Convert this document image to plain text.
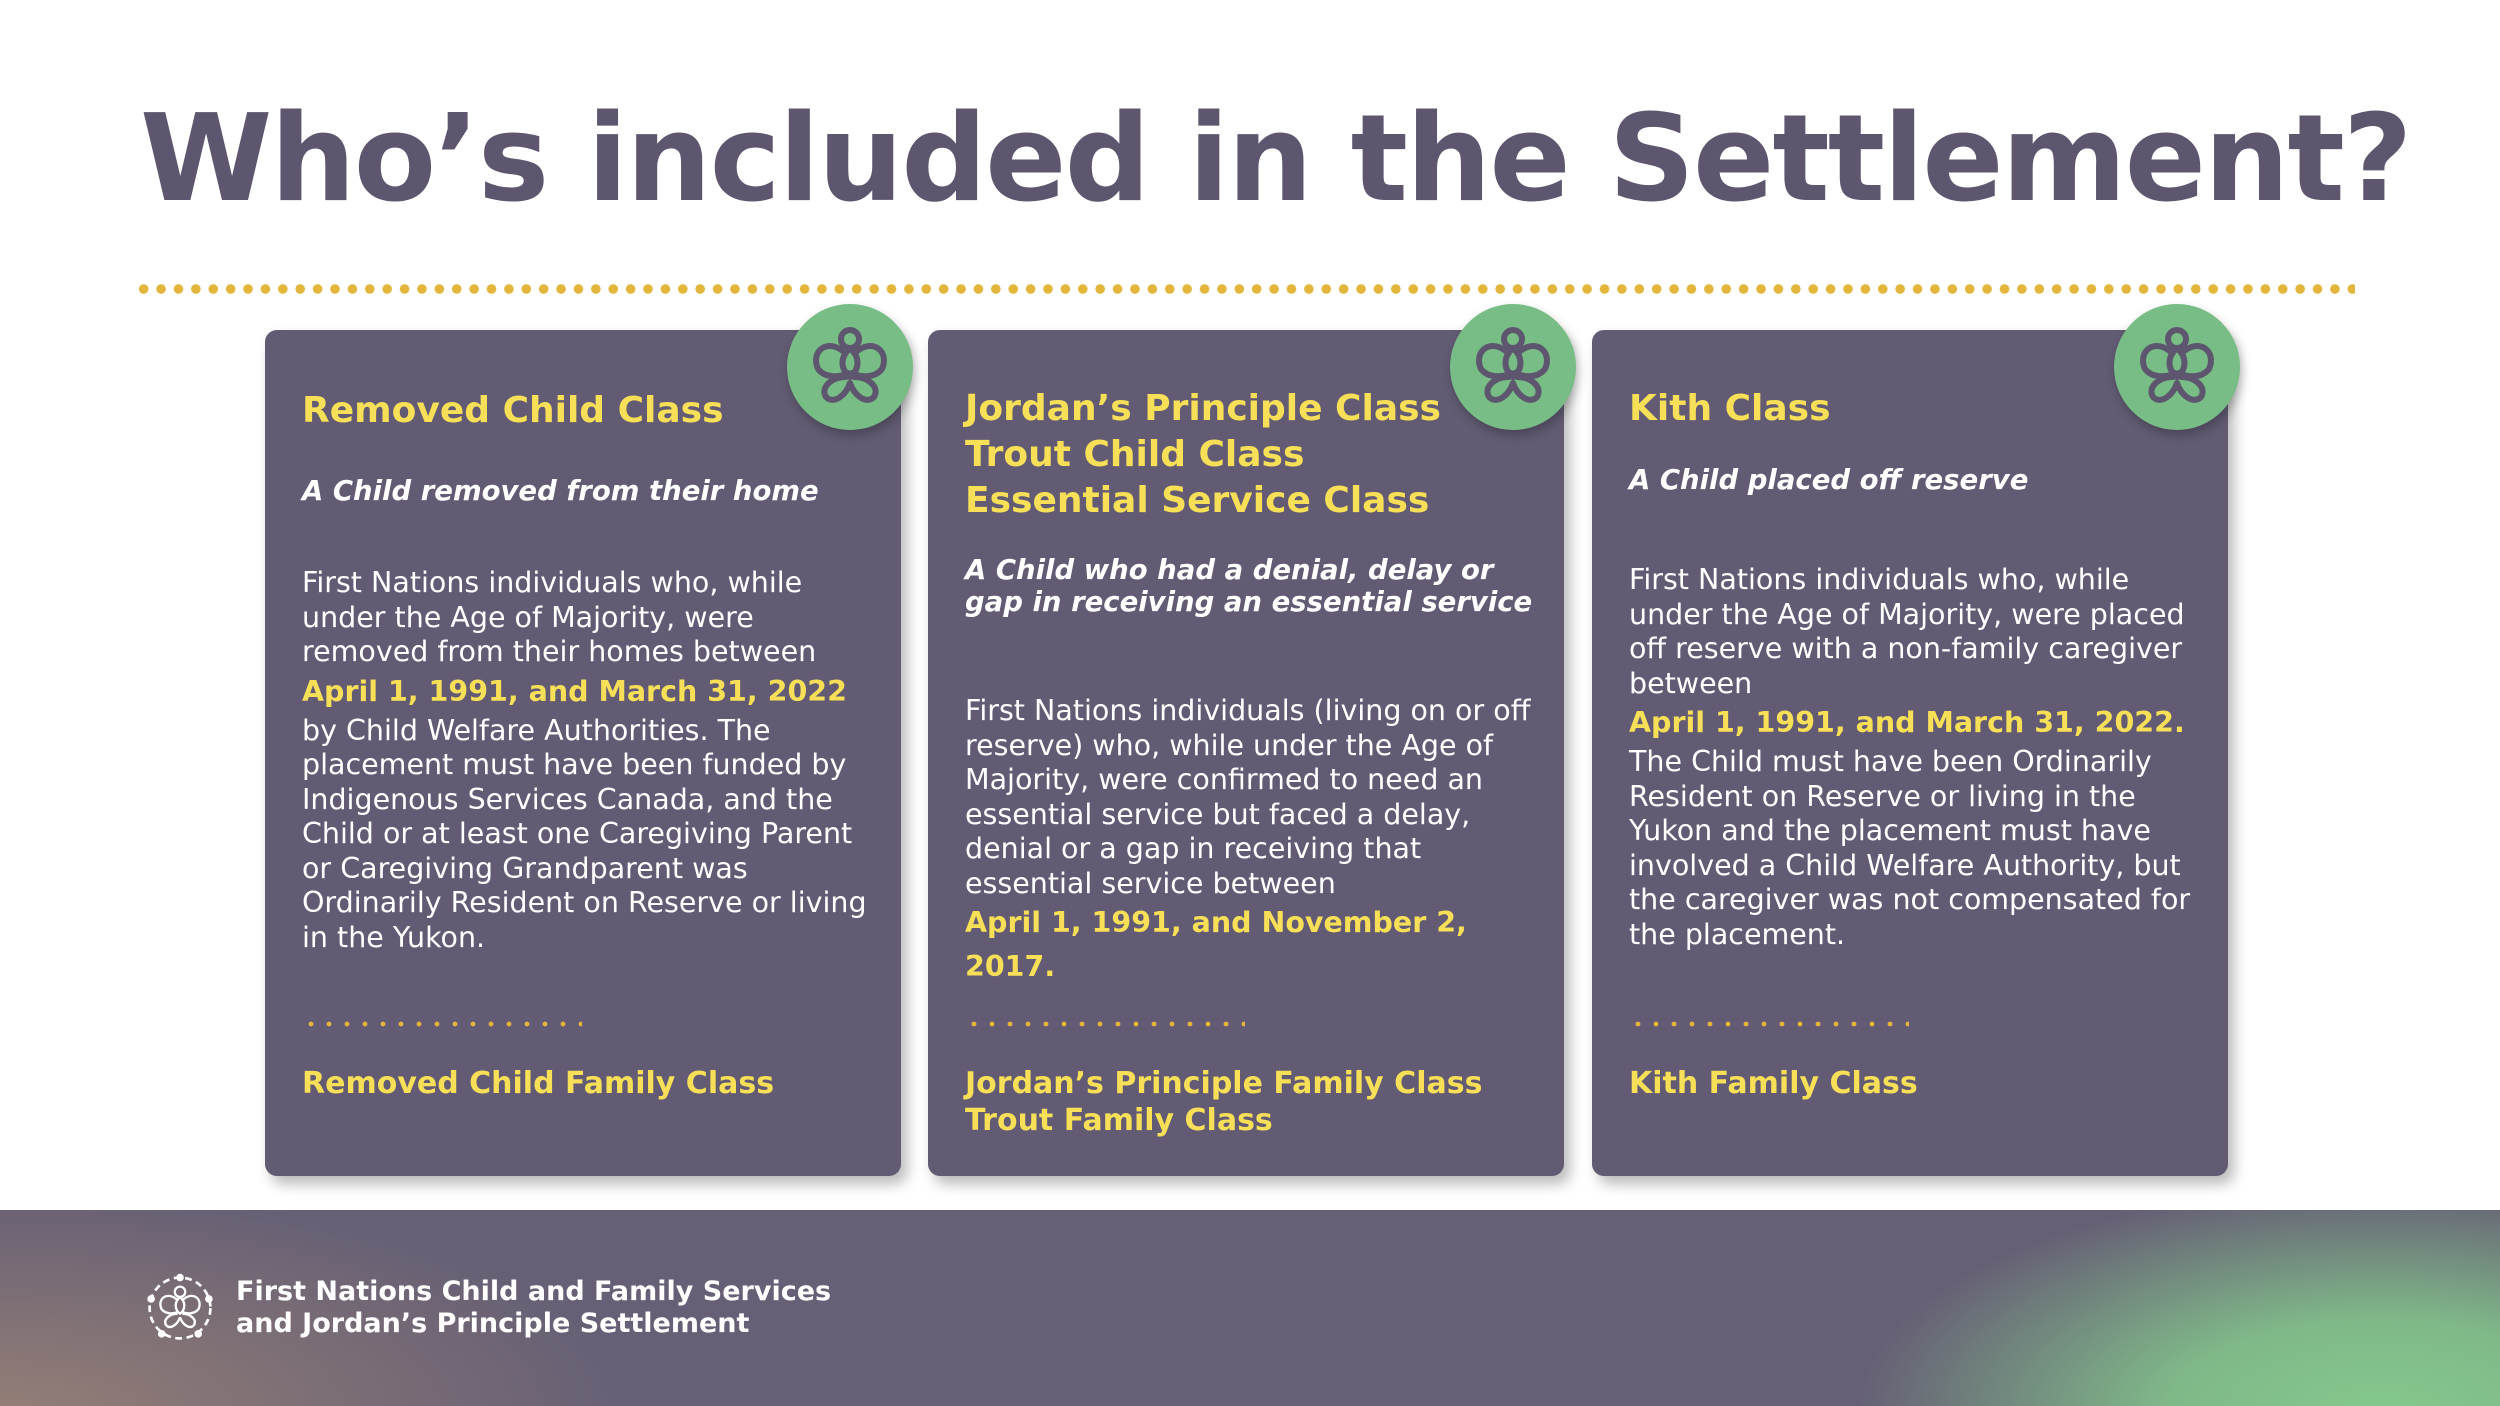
Who’s included in the Settlement?
Removed Child Class
A Child removed from their home
First Nations individuals who, while under the Age of Majority, were removed from their homes between
April 1, 1991, and March 31, 2022
by Child Welfare Authorities. The placement must have been funded by Indigenous Services Canada, and the Child or at least one Caregiving Parent or Caregiving Grandparent was Ordinarily Resident on Reserve or living in the Yukon.
Removed Child Family Class
Jordan’s Principle Class
Trout Child Class
Essential Service Class
A Child who had a denial, delay or gap in receiving an essential service
First Nations individuals (living on or off reserve) who, while under the Age of Majority, were confirmed to need an essential service but faced a delay, denial or a gap in receiving that essential service between
April 1, 1991, and November 2, 2017.
Jordan’s Principle Family Class
Trout Family Class
Kith Class
A Child placed off reserve
First Nations individuals who, while under the Age of Majority, were placed off reserve with a non-family caregiver between
April 1, 1991, and March 31, 2022.
The Child must have been Ordinarily Resident on Reserve or living in the Yukon and the placement must have involved a Child Welfare Authority, but the caregiver was not compensated for the placement.
Kith Family Class
First Nations Child and Family Services
and Jordan’s Principle Settlement
